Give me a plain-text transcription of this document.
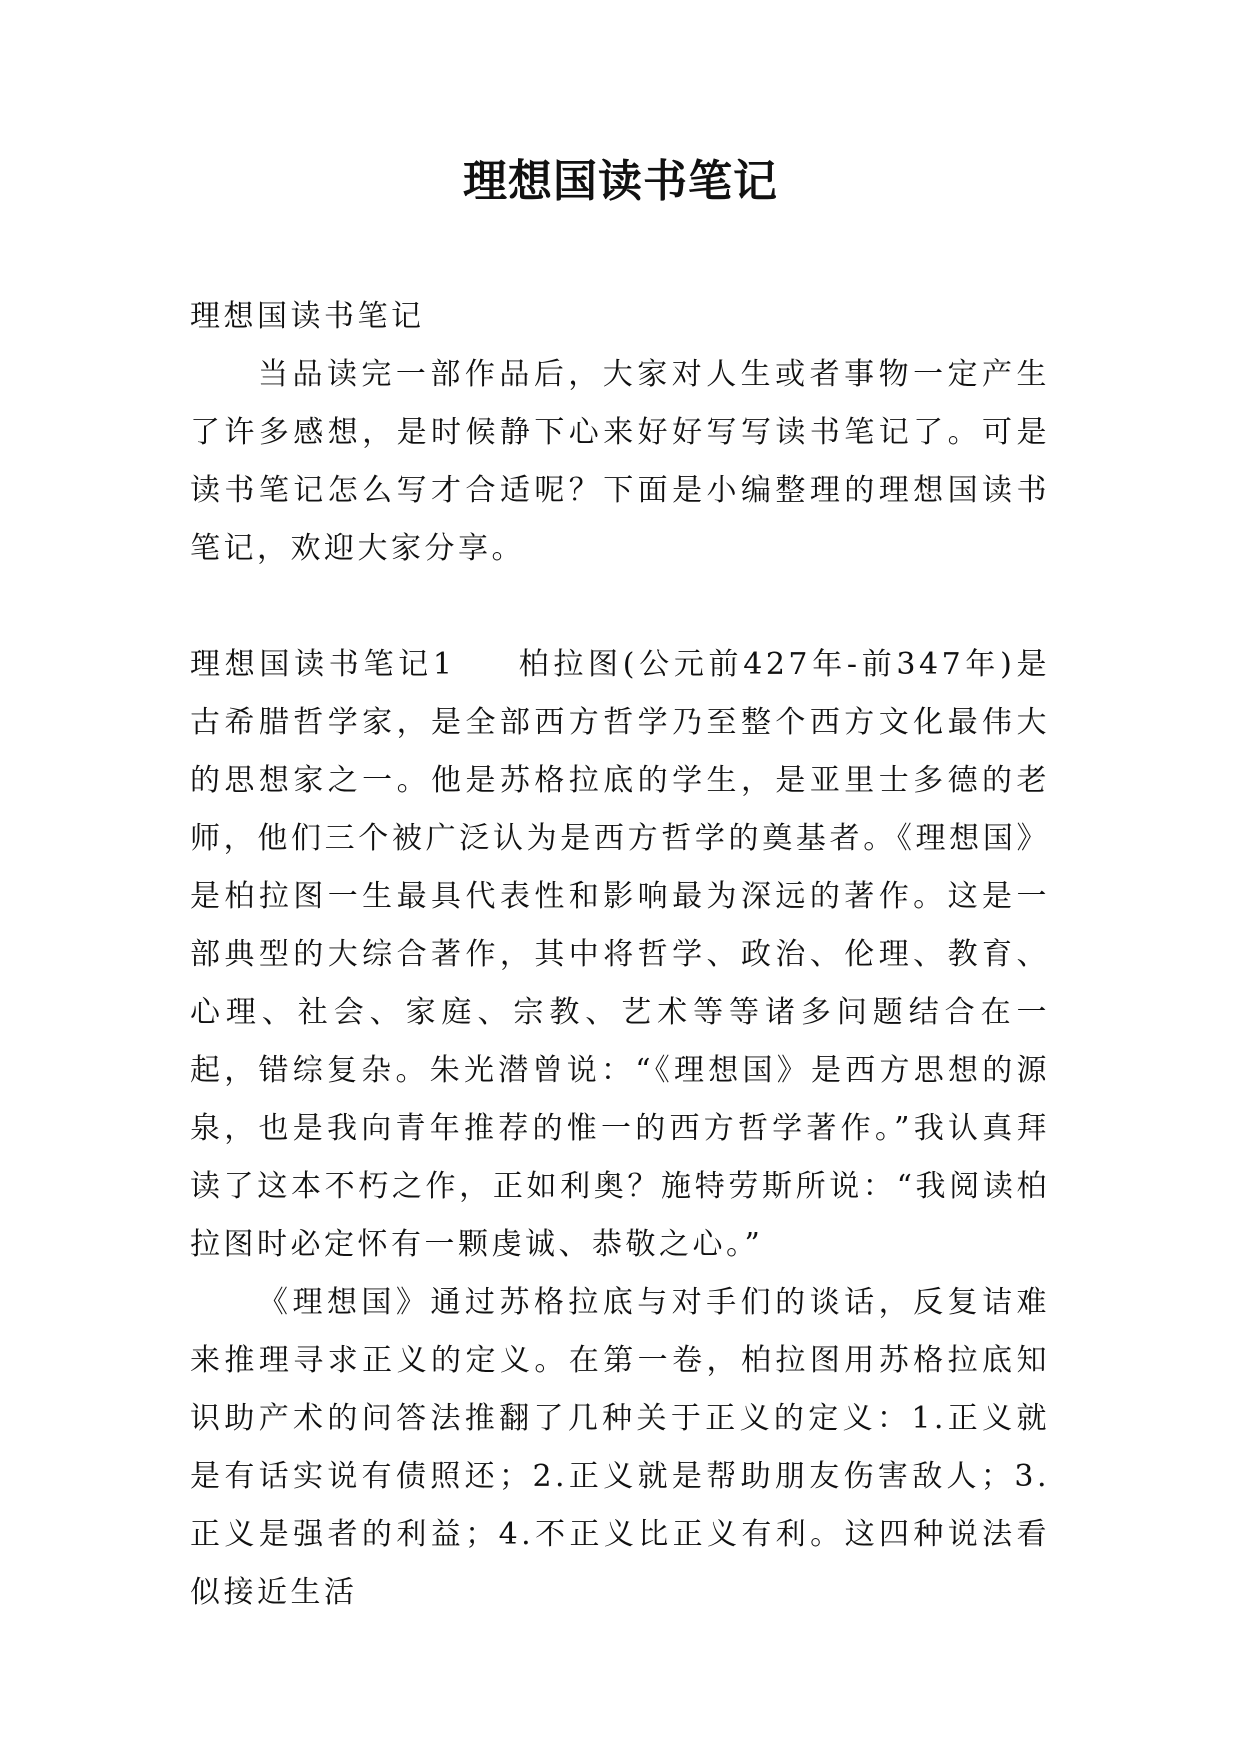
理想国读书笔记

理想国读书笔记

当品读完一部作品后，大家对人生或者事物一定产生了许多感想，是时候静下心来好好写写读书笔记了。可是读书笔记怎么写才合适呢？下面是小编整理的理想国读书笔记，欢迎大家分享。

理想国读书笔记1 柏拉图(公元前427年-前347年)是古希腊哲学家，是全部西方哲学乃至整个西方文化最伟大的思想家之一。他是苏格拉底的学生，是亚里士多德的老师，他们三个被广泛认为是西方哲学的奠基者。《理想国》是柏拉图一生最具代表性和影响最为深远的著作。这是一部典型的大综合著作，其中将哲学、政治、伦理、教育、心理、社会、家庭、宗教、艺术等等诸多问题结合在一起，错综复杂。朱光潜曾说：“《理想国》是西方思想的源泉，也是我向青年推荐的惟一的西方哲学著作。”我认真拜读了这本不朽之作，正如利奥？施特劳斯所说：“我阅读柏拉图时必定怀有一颗虔诚、恭敬之心。”

《理想国》通过苏格拉底与对手们的谈话，反复诘难来推理寻求正义的定义。在第一卷，柏拉图用苏格拉底知识助产术的问答法推翻了几种关于正义的定义：1.正义就是有话实说有债照还；2.正义就是帮助朋友伤害敌人；3.正义是强者的利益；4.不正义比正义有利。这四种说法看似接近生活
